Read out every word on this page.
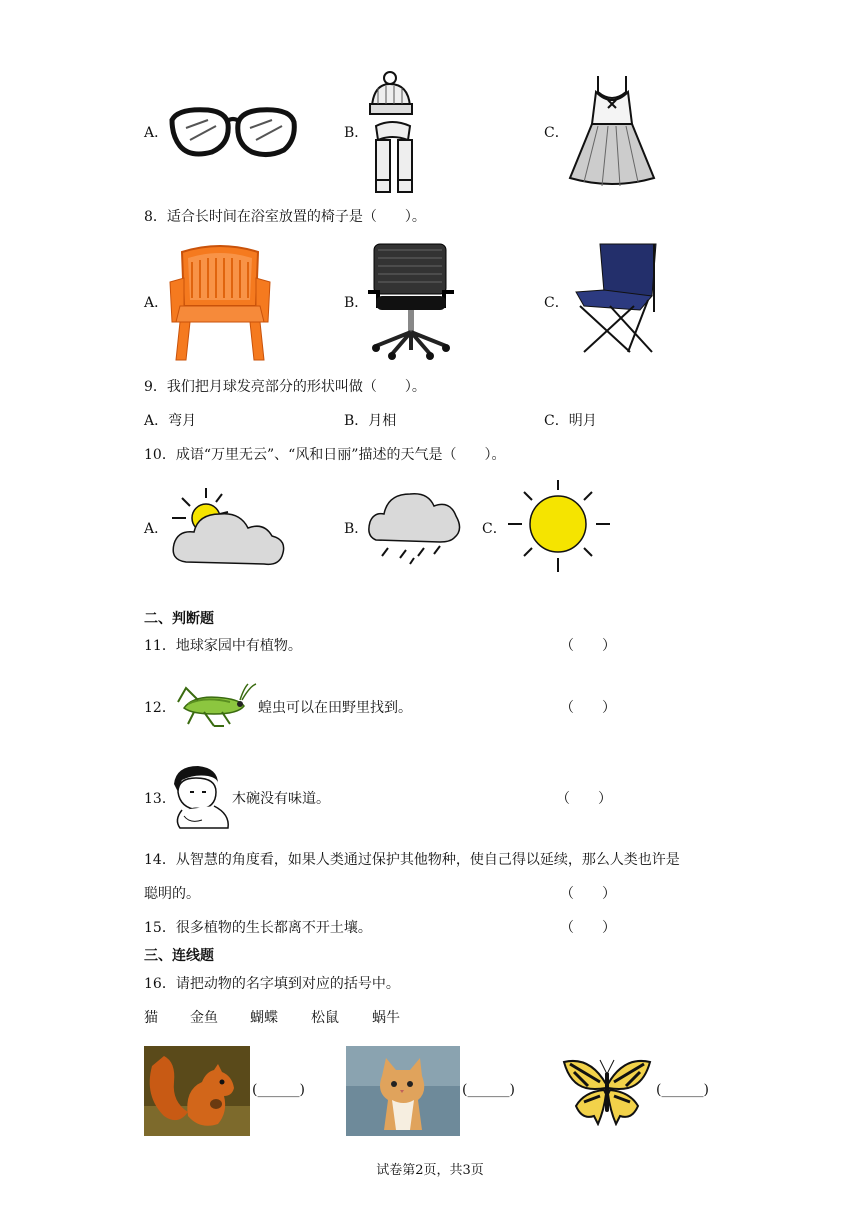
A．	B．	C．
8．适合长时间在浴室放置的椅子是（　　）。
A．	B．	C．
9．我们把月球发亮部分的形状叫做（　　）。
A．弯月	B．月相	C．明月
10．成语“万里无云”、“风和日丽”描述的天气是（　　）。
A．	B．	C．
二、判断题
11．地球家园中有植物。	（　　）
12．	蝗虫可以在田野里找到。	（　　）
13．	木碗没有味道。	（　　）
14．从智慧的角度看，如果人类通过保护其他物种，使自己得以延续，那么人类也许是
聪明的。	（　　）
15．很多植物的生长都离不开土壤。	（　　）
三、连线题
16．请把动物的名字填到对应的括号中。
猫 金鱼 蝴蝶 松鼠 蜗牛
(______)	(______)	(______)
试卷第2页，共3页
